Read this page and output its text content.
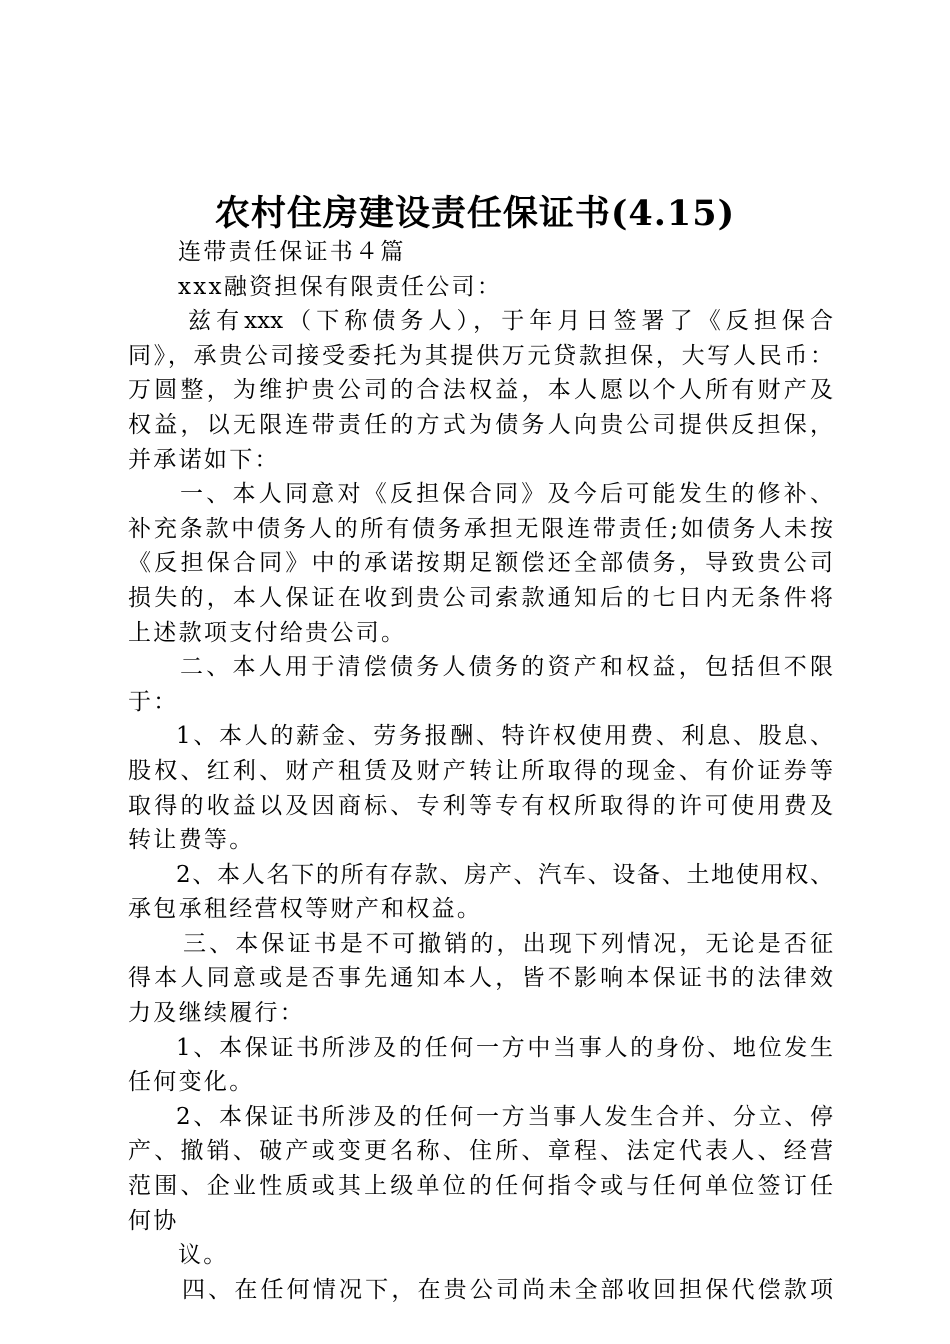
农村住房建设责任保证书(4.15)
连带责任保证书４篇
xxx融资担保有限责任公司：
兹有xxx（下称债务人），于年月日签署了《反担保合
同》，承贵公司接受委托为其提供万元贷款担保，大写人民币：
万圆整，为维护贵公司的合法权益，本人愿以个人所有财产及
权益，以无限连带责任的方式为债务人向贵公司提供反担保，
并承诺如下：
一、本人同意对《反担保合同》及今后可能发生的修补、
补充条款中债务人的所有债务承担无限连带责任;如债务人未按
《反担保合同》中的承诺按期足额偿还全部债务，导致贵公司
损失的，本人保证在收到贵公司索款通知后的七日内无条件将
上述款项支付给贵公司。
二、本人用于清偿债务人债务的资产和权益，包括但不限
于：
1、本人的薪金、劳务报酬、特许权使用费、利息、股息、
股权、红利、财产租赁及财产转让所取得的现金、有价证券等
取得的收益以及因商标、专利等专有权所取得的许可使用费及
转让费等。
2、本人名下的所有存款、房产、汽车、设备、土地使用权、
承包承租经营权等财产和权益。
三、本保证书是不可撤销的，出现下列情况，无论是否征
得本人同意或是否事先通知本人，皆不影响本保证书的法律效
力及继续履行：
1、本保证书所涉及的任何一方中当事人的身份、地位发生
任何变化。
2、本保证书所涉及的任何一方当事人发生合并、分立、停
产、撤销、破产或变更名称、住所、章程、法定代表人、经营
范围、企业性质或其上级单位的任何指令或与任何单位签订任
何协
议。
四、在任何情况下，在贵公司尚未全部收回担保代偿款项
